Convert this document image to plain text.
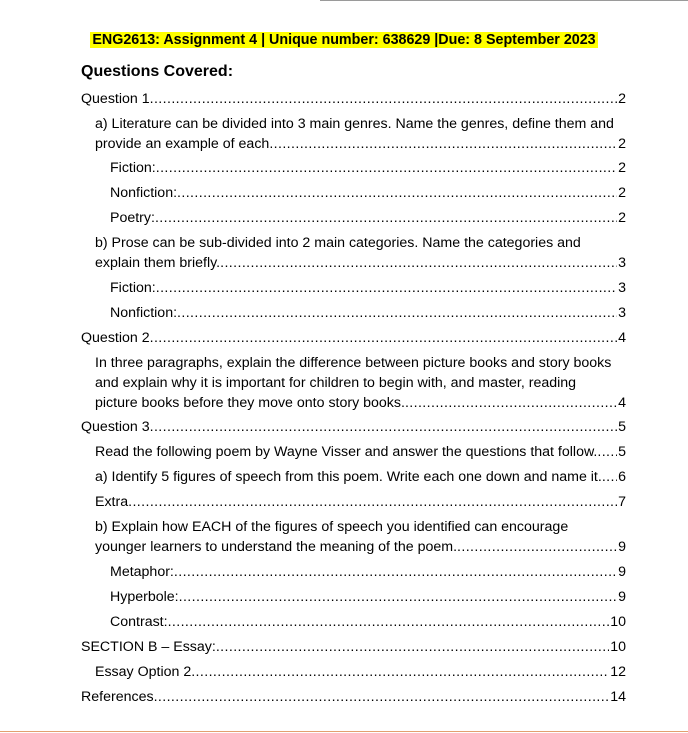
ENG2613: Assignment 4 | Unique number: 638629 |Due: 8 September 2023
Questions Covered:
Question 1 .....	2
a) Literature can be divided into 3 main genres. Name the genres, define them and
provide an example of each .....	2
Fiction: .....	2
Nonfiction: .....	2
Poetry: .....	2
b) Prose can be sub-divided into 2 main categories. Name the categories and
explain them briefly. .....	3
Fiction: .....	3
Nonfiction: .....	3
Question 2 .....	4
In three paragraphs, explain the difference between picture books and story books
and explain why it is important for children to begin with, and master, reading
picture books before they move onto story books. .....	4
Question 3 .....	5
Read the following poem by Wayne Visser and answer the questions that follow. ..... 5
a) Identify 5 figures of speech from this poem. Write each one down and name it. ..... 6
Extra .....	7
b) Explain how EACH of the figures of speech you identified can encourage
younger learners to understand the meaning of the poem. .....	9
Metaphor: .....	9
Hyperbole: .....	9
Contrast: .....	10
SECTION B – Essay: .....	10
Essay Option 2 .....	12
References .....	14
